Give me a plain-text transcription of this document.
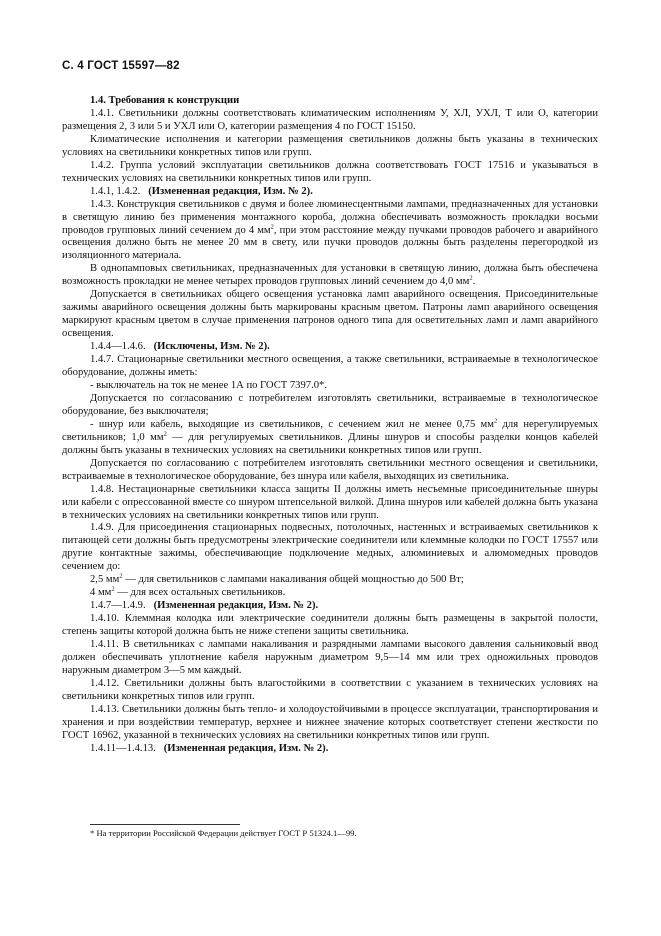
С. 4 ГОСТ 15597—82

1.4. Требования к конструкции

1.4.1. Светильники должны соответствовать климатическим исполнениям У, ХЛ, УХЛ, Т или О, категории размещения 2, 3 или 5 и УХЛ или О, категории размещения 4 по ГОСТ 15150.

Климатические исполнения и категории размещения светильников должны быть указаны в технических условиях на светильники конкретных типов или групп.

1.4.2. Группа условий эксплуатации светильников должна соответствовать ГОСТ 17516 и указываться в технических условиях на светильники конкретных типов или групп.

1.4.1, 1.4.2. (Измененная редакция, Изм. № 2).

1.4.3. Конструкция светильников с двумя и более люминесцентными лампами, предназначенных для установки в светящую линию без применения монтажного короба, должна обеспечивать возможность прокладки восьми проводов групповых линий сечением до 4 $мм^2$, при этом расстояние между пучками проводов рабочего и аварийного освещения должно быть не менее 20 мм в свету, или пучки проводов должны быть разделены перегородкой из изоляционного материала.

В однопамповых светильниках, предназначенных для установки в светящую линию, должна быть обеспечена возможность прокладки не менее четырех проводов групповых линий сечением до 4,0 $мм^2$.

Допускается в светильниках общего освещения установка ламп аварийного освещения. Присоединительные зажимы аварийного освещения должны быть маркированы красным цветом. Патроны ламп аварийного освещения маркируют красным цветом в случае применения патронов одного типа для осветительных ламп и ламп аварийного освещения.

1.4.4—1.4.6. (Исключены, Изм. № 2).

1.4.7. Стационарные светильники местного освещения, а также светильники, встраиваемые в технологическое оборудование, должны иметь:

- выключатель на ток не менее 1А по ГОСТ 7397.0*.

Допускается по согласованию с потребителем изготовлять светильники, встраиваемые в технологическое оборудование, без выключателя;

- шнур или кабель, выходящие из светильников, с сечением жил не менее 0,75 $мм^2$ для нерегулируемых светильников; 1,0 $мм^2$ — для регулируемых светильников. Длины шнуров и способы разделки концов кабелей должны быть указаны в технических условиях на светильники конкретных типов или групп.

Допускается по согласованию с потребителем изготовлять светильники местного освещения и светильники, встраиваемые в технологическое оборудование, без шнура или кабеля, выходящих из светильника.

1.4.8. Нестационарные светильники класса защиты II должны иметь несъемные присоединительные шнуры или кабели с опрессованной вместе со шнуром штепсельной вилкой. Длина шнуров или кабелей должна быть указана в технических условиях на светильники конкретных типов или групп.

1.4.9. Для присоединения стационарных подвесных, потолочных, настенных и встраиваемых светильников к питающей сети должны быть предусмотрены электрические соединители или клеммные колодки по ГОСТ 17557 или другие контактные зажимы, обеспечивающие подключение медных, алюминиевых и алюмомедных проводов сечением до:

2,5 $мм^2$ — для светильников с лампами накаливания общей мощностью до 500 Вт;

4 $мм^2$ — для всех остальных светильников.

1.4.7—1.4.9. (Измененная редакция, Изм. № 2).

1.4.10. Клеммная колодка или электрические соединители должны быть размещены в закрытой полости, степень защиты которой должна быть не ниже степени защиты светильника.

1.4.11. В светильниках с лампами накаливания и разрядными лампами высокого давления сальниковый ввод должен обеспечивать уплотнение кабеля наружным диаметром 9,5—14 мм или трех одножильных проводов наружным диаметром 3—5 мм каждый.

1.4.12. Светильники должны быть влагостойкими в соответствии с указанием в технических условиях на светильники конкретных типов или групп.

1.4.13. Светильники должны быть тепло- и холодоустойчивыми в процессе эксплуатации, транспортирования и хранения и при воздействии температур, верхнее и нижнее значение которых соответствует степени жесткости по ГОСТ 16962, указанной в технических условиях на светильники конкретных типов или групп.

1.4.11—1.4.13. (Измененная редакция, Изм. № 2).

* На территории Российской Федерации действует ГОСТ Р 51324.1—99.
